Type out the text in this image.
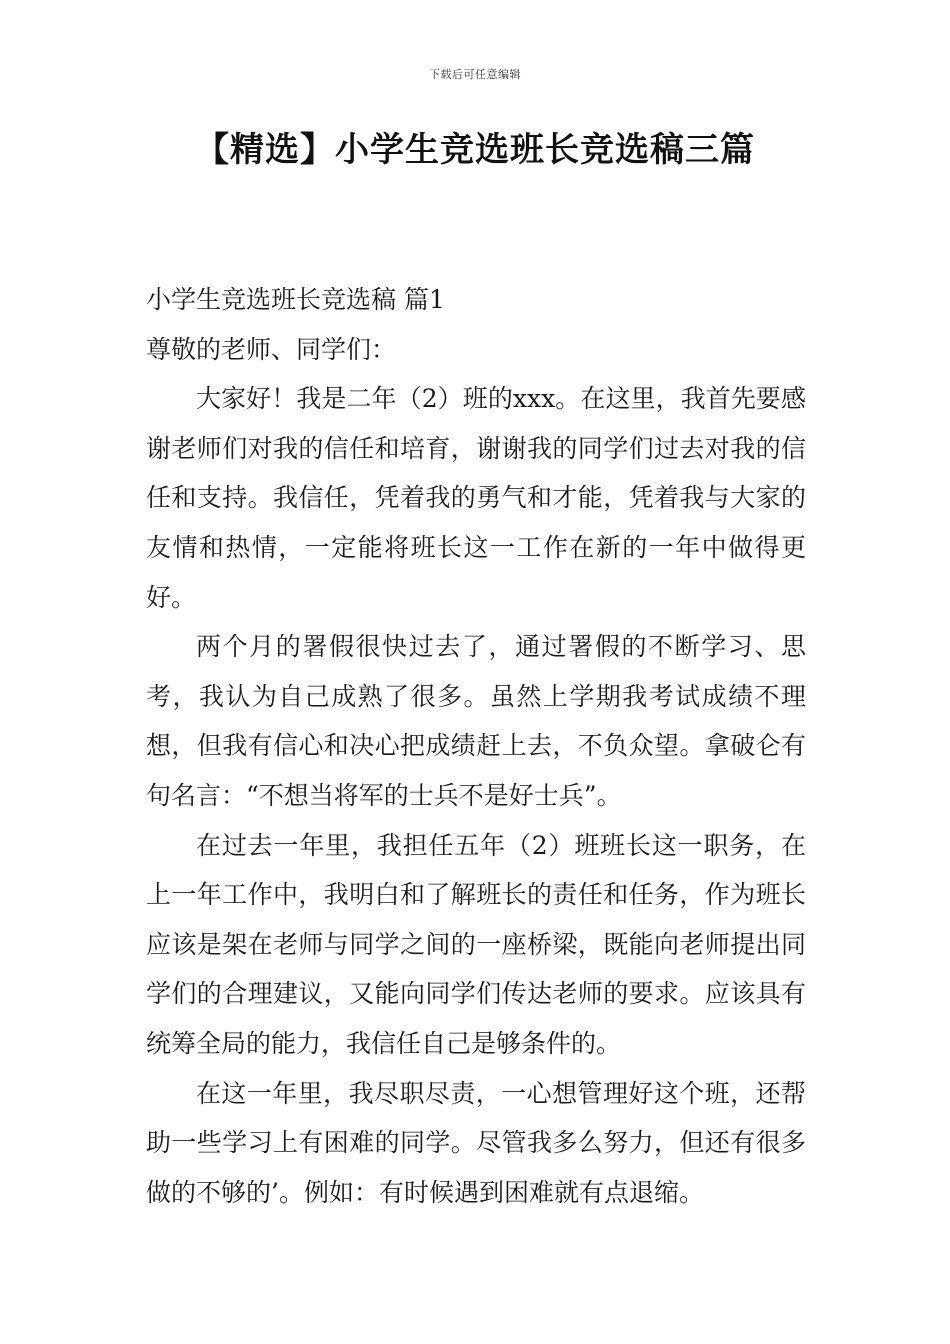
下载后可任意编辑
【精选】小学生竞选班长竞选稿三篇

小学生竞选班长竞选稿 篇1

尊敬的老师、同学们：

大家好！我是二年（2）班的xxx。在这里，我首先要感谢老师们对我的信任和培育，谢谢我的同学们过去对我的信任和支持。我信任，凭着我的勇气和才能，凭着我与大家的友情和热情，一定能将班长这一工作在新的一年中做得更好。

两个月的署假很快过去了，通过署假的不断学习、思考，我认为自己成熟了很多。虽然上学期我考试成绩不理想，但我有信心和决心把成绩赶上去，不负众望。拿破仑有句名言：“不想当将军的士兵不是好士兵”。

在过去一年里，我担任五年（2）班班长这一职务，在上一年工作中，我明白和了解班长的责任和任务，作为班长应该是架在老师与同学之间的一座桥梁，既能向老师提出同学们的合理建议，又能向同学们传达老师的要求。应该具有统筹全局的能力，我信任自己是够条件的。

在这一年里，我尽职尽责，一心想管理好这个班，还帮助一些学习上有困难的同学。尽管我多么努力，但还有很多做的不够的’。例如：有时候遇到困难就有点退缩。
